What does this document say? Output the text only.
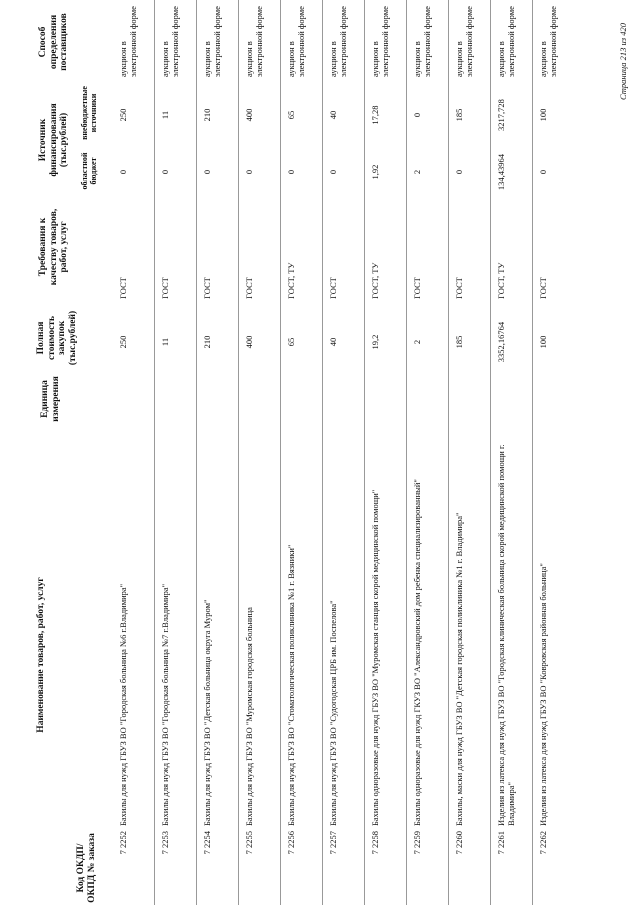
Код ОКДП/ ОКПД № заказа
Наименование товаров, работ, услуг
Единица измерения
Полная стоимость закупок (тыс.рублей)
Требования к качеству товаров, работ, услуг
Источник финансирования (тыс.рублей)
областной бюджет
внебюджетные источники
Способ определения поставщиков
7 2252
Бахилы для нужд ГБУЗ ВО "Городская больница №6 г.Владимира"
250
ГОСТ
0
250
аукцион в электронной форме
7 2253
Бахилы для нужд ГБУЗ ВО "Городская больница №7 г.Владимира"
11
ГОСТ
0
11
аукцион в электронной форме
7 2254
Бахилы для нужд ГБУЗ ВО "Детская больница округа Муром"
210
ГОСТ
0
210
аукцион в электронной форме
7 2255
Бахилы для нужд ГБУЗ ВО "Муромская городская больница
400
ГОСТ
0
400
аукцион в электронной форме
7 2256
Бахилы для нужд ГБУЗ ВО "Стоматологическая поликлиника №1 г. Вязники"
65
ГОСТ, ТУ
0
65
аукцион в электронной форме
7 2257
Бахилы для нужд ГБУЗ ВО "Судогодская ЦРБ им. Поспелова"
40
ГОСТ
0
40
аукцион в электронной форме
7 2258
Бахилы одноразовые для нужд ГБУЗ ВО "Муромская станция скорой медицинской помощи"
19,2
ГОСТ, ТУ
1,92
17,28
аукцион в электронной форме
7 2259
Бахилы одноразовые для нужд ГКУЗ ВО "Александровский дом ребенка специализированный"
2
ГОСТ
2
0
аукцион в электронной форме
7 2260
Бахилы, маски для нужд ГБУЗ ВО "Детская городская поликлиника №1 г. Владимира"
185
ГОСТ
0
185
аукцион в электронной форме
7 2261
Изделия из латекса для нужд ГБУЗ ВО "Городская клиническая больница скорой медицинской помощи г. Владимира"
3352,16764
ГОСТ, ТУ
134,43964
3217,728
аукцион в электронной форме
7 2262
Изделия из латекса для нужд ГБУЗ ВО "Ковровская районная больница"
100
ГОСТ
0
100
аукцион в электронной форме	Страница 213 из 420
